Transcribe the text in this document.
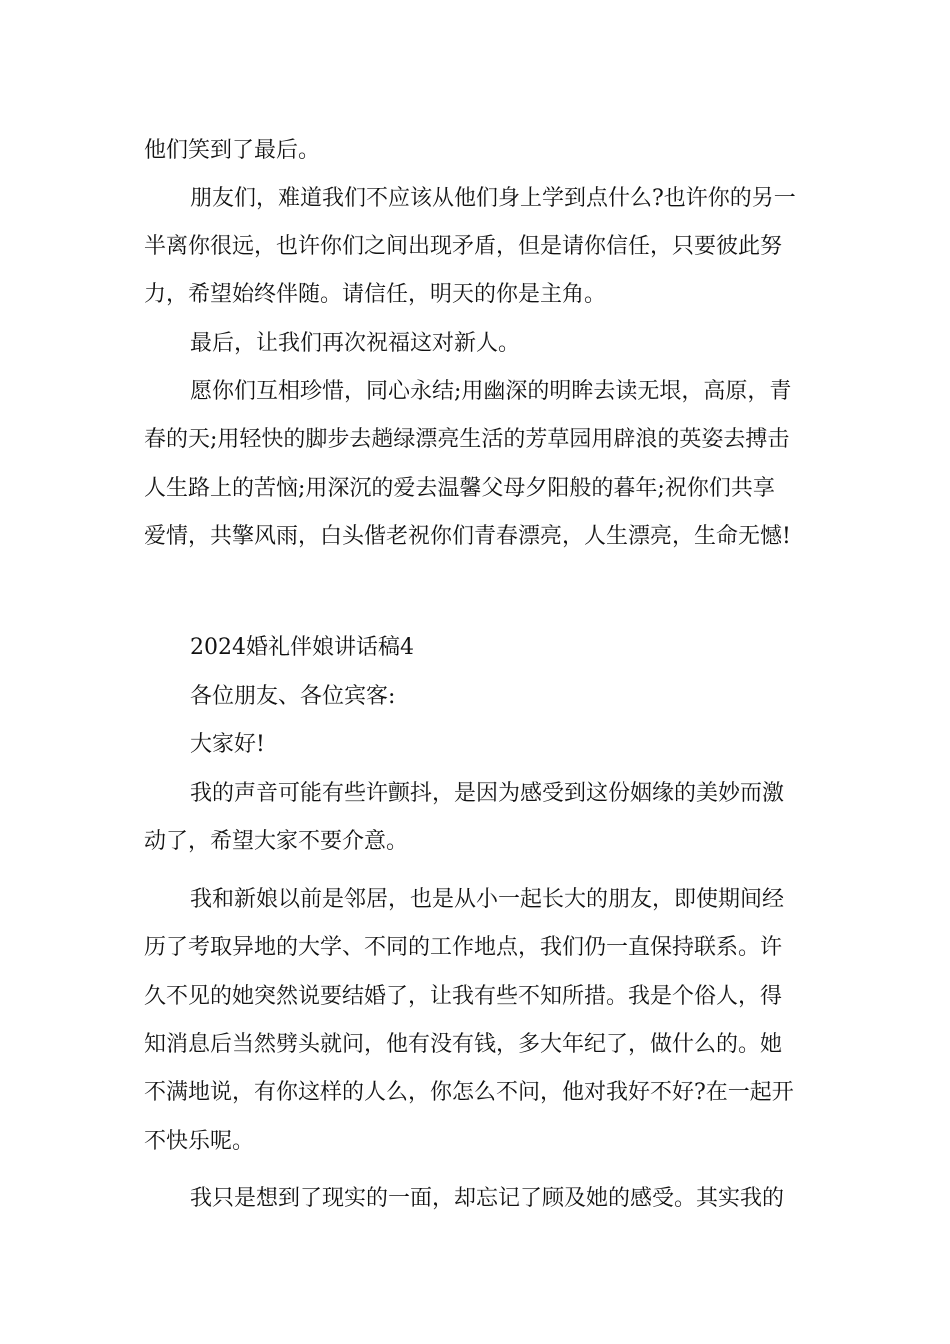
他们笑到了最后。
朋友们，难道我们不应该从他们身上学到点什么?也许你的另一
半离你很远，也许你们之间出现矛盾，但是请你信任，只要彼此努
力，希望始终伴随。请信任，明天的你是主角。
最后，让我们再次祝福这对新人。
愿你们互相珍惜，同心永结;用幽深的明眸去读无垠，高原，青
春的天;用轻快的脚步去趟绿漂亮生活的芳草园用辟浪的英姿去搏击
人生路上的苦恼;用深沉的爱去温馨父母夕阳般的暮年;祝你们共享
爱情，共擎风雨，白头偕老祝你们青春漂亮，人生漂亮，生命无憾!
2024婚礼伴娘讲话稿4
各位朋友、各位宾客:
大家好!
我的声音可能有些许颤抖，是因为感受到这份姻缘的美妙而激
动了，希望大家不要介意。
我和新娘以前是邻居，也是从小一起长大的朋友，即使期间经
历了考取异地的大学、不同的工作地点，我们仍一直保持联系。许
久不见的她突然说要结婚了，让我有些不知所措。我是个俗人，得
知消息后当然劈头就问，他有没有钱，多大年纪了，做什么的。她
不满地说，有你这样的人么，你怎么不问，他对我好不好?在一起开
不快乐呢。
我只是想到了现实的一面，却忘记了顾及她的感受。其实我的
